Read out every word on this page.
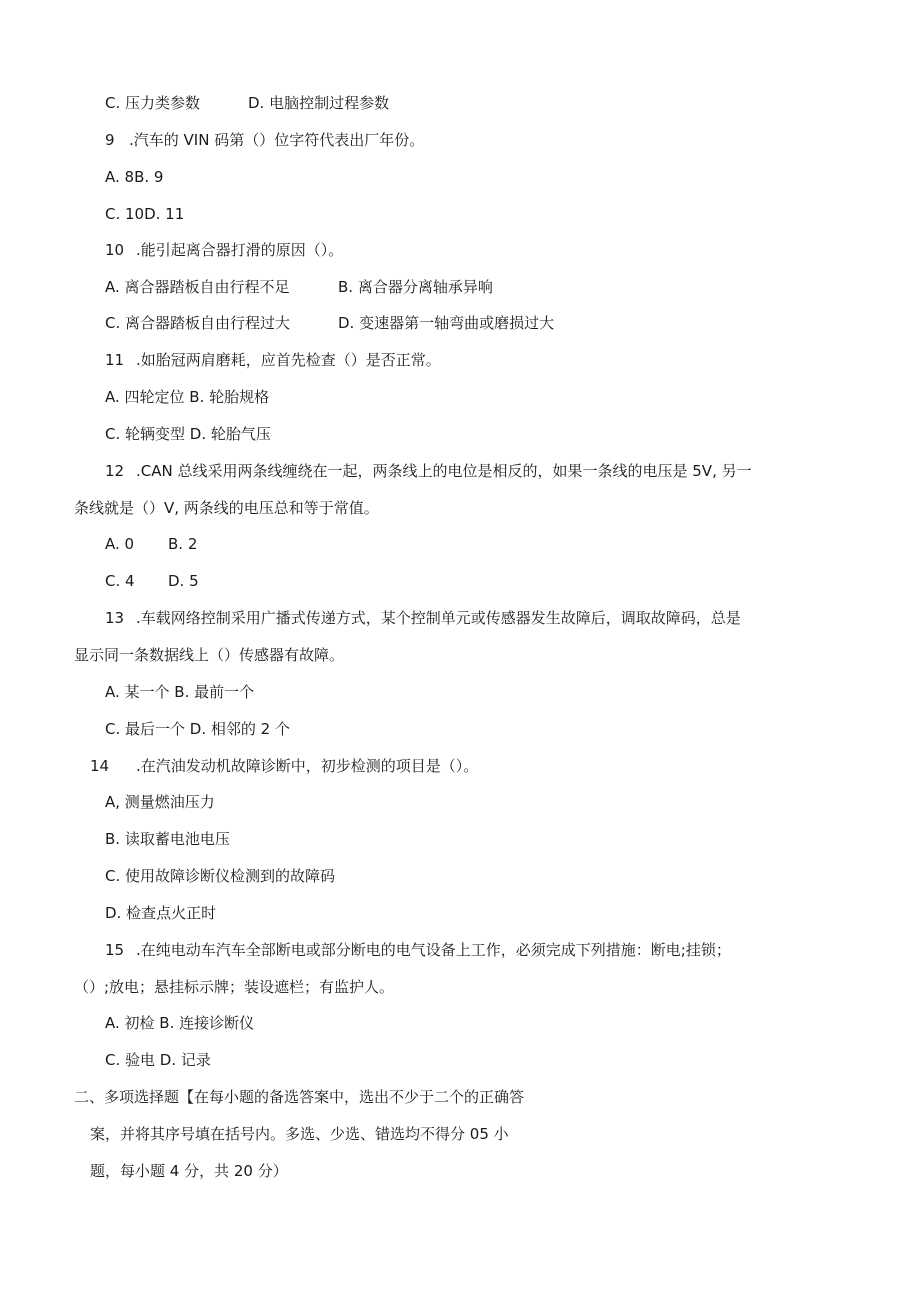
C. 压力类参数	D. 电脑控制过程参数
9 .汽车的 VIN 码第（）位字符代表出厂年份。
A. 8B. 9
C. 10D. 11
10 .能引起离合器打滑的原因（）。
A. 离合器踏板自由行程不足	B. 离合器分离轴承异响
C. 离合器踏板自由行程过大	D. 变速器第一轴弯曲或磨损过大
11 .如胎冠两肩磨耗，应首先检查（）是否正常。
A. 四轮定位 B. 轮胎规格
C. 轮辆变型 D. 轮胎气压
12 .CAN 总线采用两条线缠绕在一起，两条线上的电位是相反的，如果一条线的电压是 5V, 另一
条线就是（）V, 两条线的电压总和等于常值。
A. 0 B. 2
C. 4 D. 5
13 .车载网络控制采用广播式传递方式，某个控制单元或传感器发生故障后，调取故障码，总是
显示同一条数据线上（）传感器有故障。
A. 某一个 B. 最前一个
C. 最后一个 D. 相邻的 2 个
14 .在汽油发动机故障诊断中，初步检测的项目是（）。
A, 测量燃油压力
B. 读取蓄电池电压
C. 使用故障诊断仪检测到的故障码
D. 检查点火正时
15 .在纯电动车汽车全部断电或部分断电的电气设备上工作，必须完成下列措施：断电;挂锁；
（）;放电；悬挂标示牌；装设遮栏；有监护人。
A. 初检 B. 连接诊断仪
C. 验电 D. 记录
二、多项选择题【在每小题的备选答案中，选出不少于二个的正确答
案，并将其序号填在括号内。多选、少选、错选均不得分 05 小
题，每小题 4 分，共 20 分）
